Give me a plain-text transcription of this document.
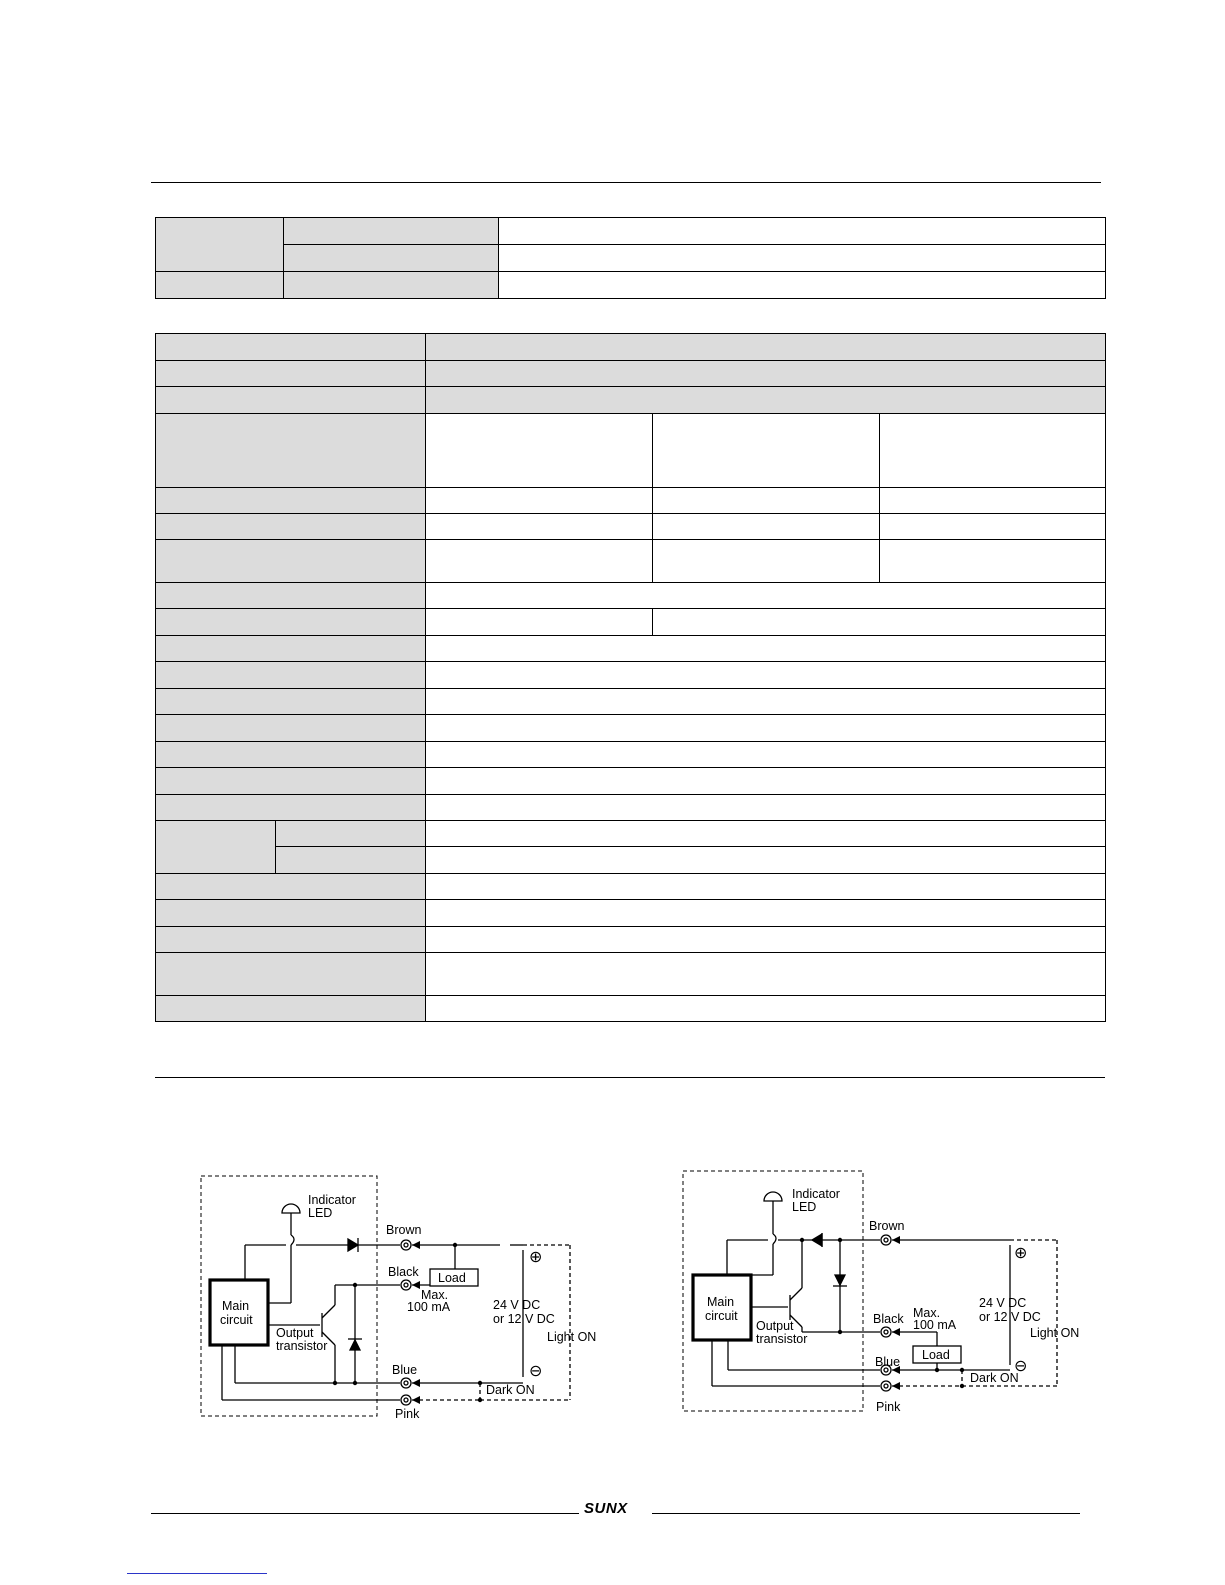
Indicator
LED
Brown
Black
Blue
Pink
Load
Max.
100 mA	24 V DC
or 12 V DC
Light ON
Dark ON
Main
circuit
Output
transistor
⊕
⊖
Indicator
LED
Brown
Black
Blue
Pink
Load
Max.
100 mA
24 V DC
or 12 V DC
Light ON
Dark ON
Main
circuit
Output
transistor
⊕
⊖
SUNX
